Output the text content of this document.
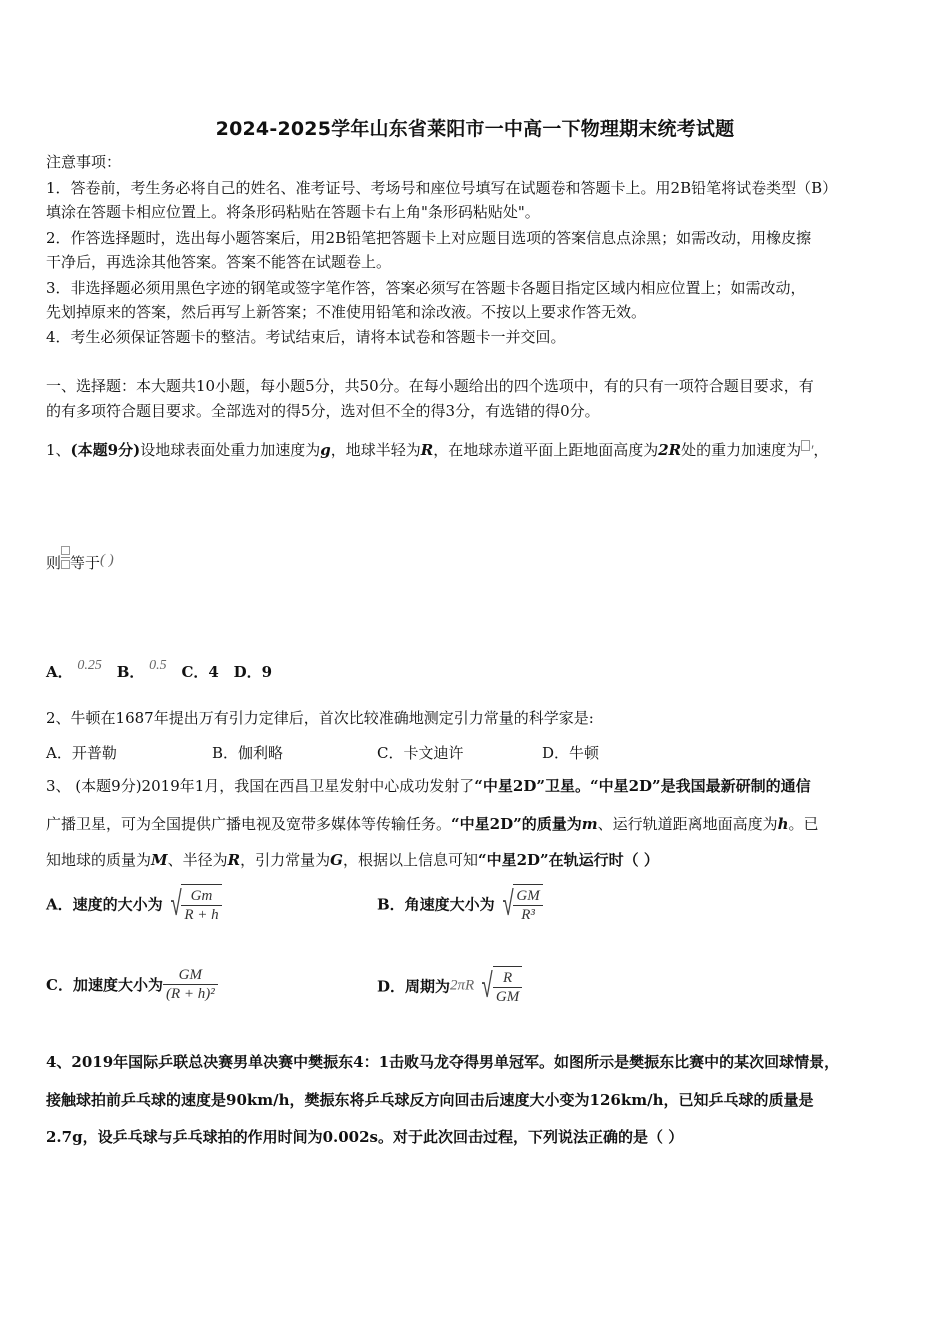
2024-2025学年山东省莱阳市一中高一下物理期末统考试题
注意事项：
1．答卷前，考生务必将自己的姓名、准考证号、考场号和座位号填写在试题卷和答题卡上。用2B铅笔将试卷类型（B）
填涂在答题卡相应位置上。将条形码粘贴在答题卡右上角"条形码粘贴处"。
2．作答选择题时，选出每小题答案后，用2B铅笔把答题卡上对应题目选项的答案信息点涂黑；如需改动，用橡皮擦
干净后，再选涂其他答案。答案不能答在试题卷上。
3．非选择题必须用黑色字迹的钢笔或签字笔作答，答案必须写在答题卡各题目指定区域内相应位置上；如需改动，
先划掉原来的答案，然后再写上新答案；不准使用铅笔和涂改液。不按以上要求作答无效。
4．考生必须保证答题卡的整洁。考试结束后，请将本试卷和答题卡一并交回。
一、选择题：本大题共10小题，每小题5分，共50分。在每小题给出的四个选项中，有的只有一项符合题目要求，有
的有多项符合题目要求。全部选对的得5分，选对但不全的得3分，有选错的得0分。
1、(本题9分)设地球表面处重力加速度为g，地球半轻为R，在地球赤道平面上距地面高度为2R处的重力加速度为 ′，
则 等于( )
A． 0.25 B． 0.5 C．4 D．9
2、牛顿在1687年提出万有引力定律后，首次比较准确地测定引力常量的科学家是:
A．开普勒	B．伽利略	C．卡文迪许	D．牛顿
3、 (本题9分)2019年1月，我国在西昌卫星发射中心成功发射了“中星2D”卫星。“中星2D”是我国最新研制的通信
广播卫星，可为全国提供广播电视及宽带多媒体等传输任务。“中星2D”的质量为m、运行轨道距离地面高度为h。已
知地球的质量为M、半径为R，引力常量为G，根据以上信息可知“中星2D”在轨运行时（ ）
A．速度的大小为 √ $\frac{Gm}{R + h}$	B．角速度大小为 √ $\frac{GM}{\text{R³}}$
C．加速度大小为 $\frac{GM}{\text{(R + h)²}}$	D．周期为2πR √ $\frac{R}{GM}$
4、2019年国际乒联总决赛男单决赛中樊振东4：1击败马龙夺得男单冠军。如图所示是樊振东比赛中的某次回球情景，
接触球拍前乒乓球的速度是90km/h，樊振东将乒乓球反方向回击后速度大小变为126km/h，已知乒乓球的质量是
2.7g，设乒乓球与乒乓球拍的作用时间为0.002s。对于此次回击过程，下列说法正确的是（ ）
